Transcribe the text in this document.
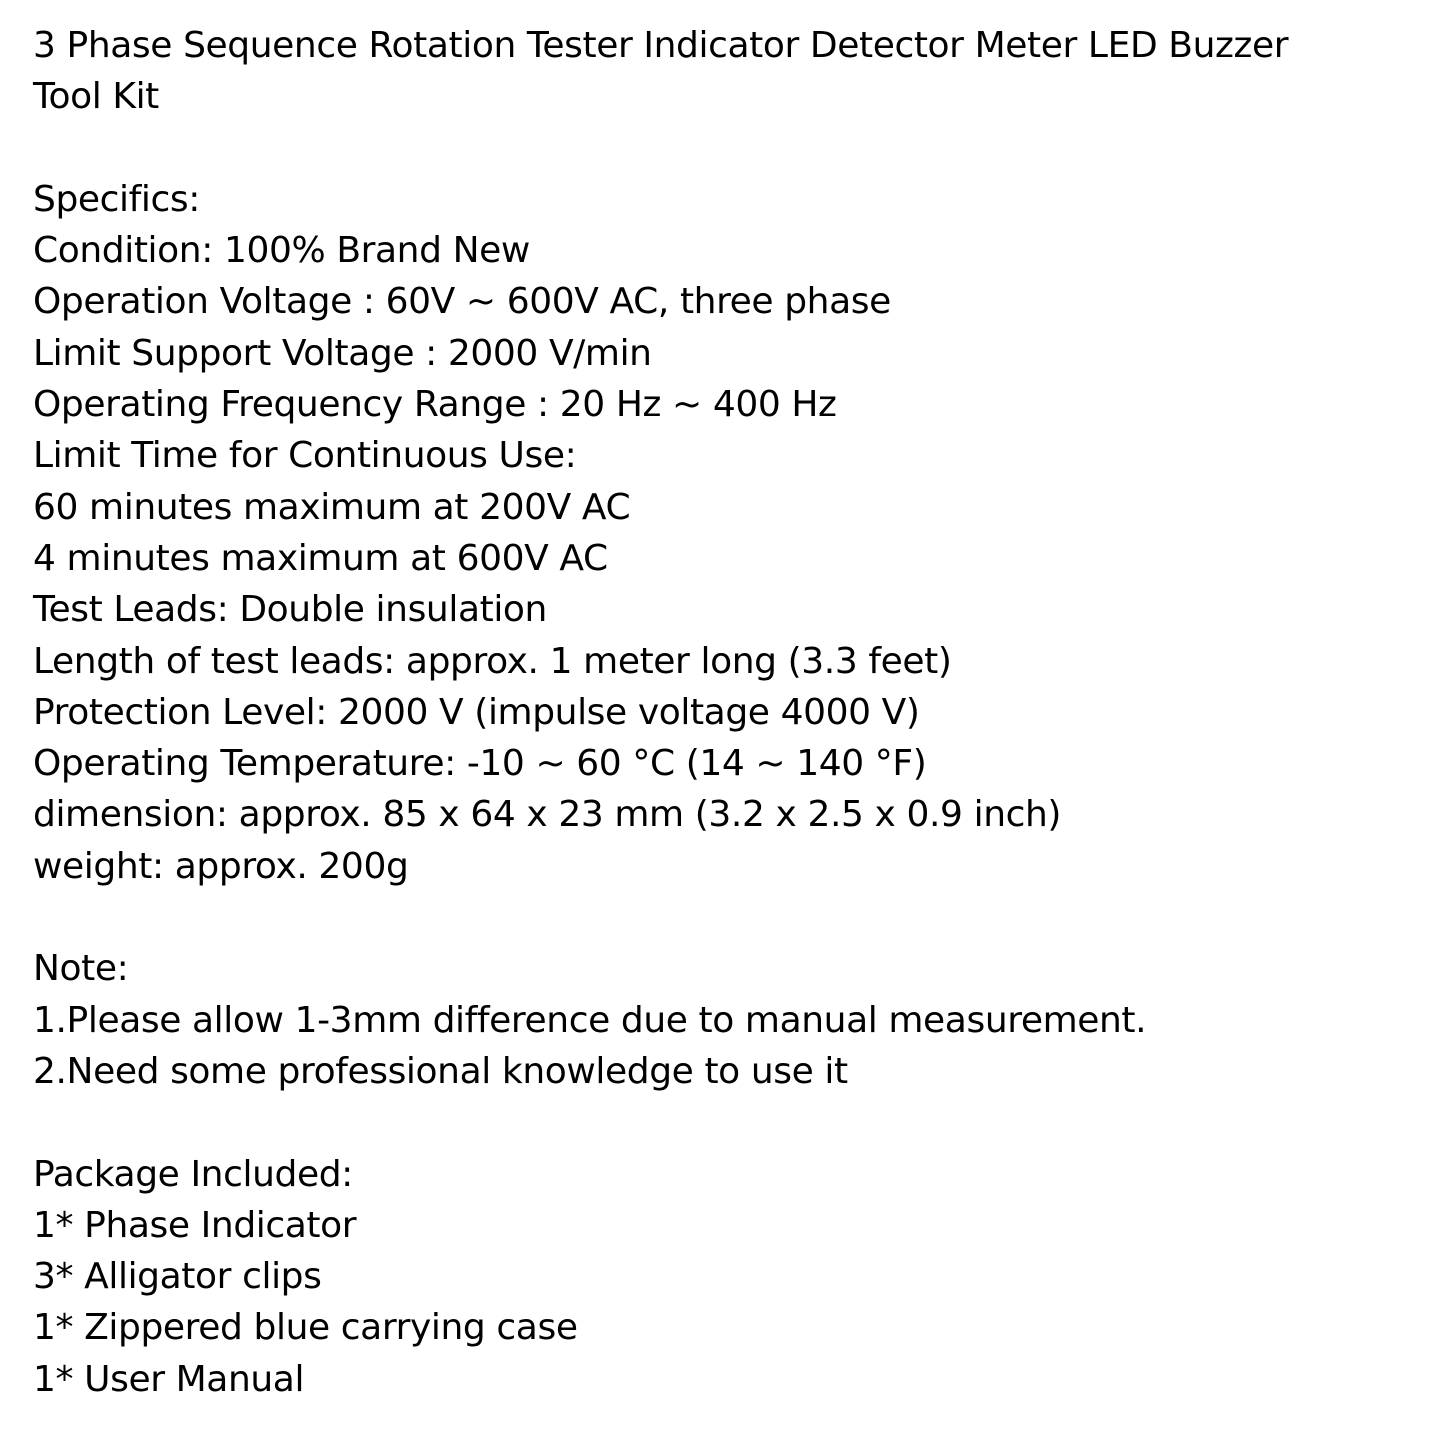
3 Phase Sequence Rotation Tester Indicator Detector Meter LED Buzzer Tool Kit

Specifics:

Condition: 100% Brand New

Operation Voltage : 60V ~ 600V AC, three phase

Limit Support Voltage : 2000 V/min

Operating Frequency Range : 20 Hz ~ 400 Hz

Limit Time for Continuous Use:

60 minutes maximum at 200V AC

4 minutes maximum at 600V AC

Test Leads: Double insulation

Length of test leads: approx. 1 meter long (3.3 feet)

Protection Level: 2000 V (impulse voltage 4000 V)

Operating Temperature: -10 ~ 60 °C (14 ~ 140 °F)

dimension: approx. 85 x 64 x 23 mm (3.2 x 2.5 x 0.9 inch)

weight: approx. 200g

Note:

1.Please allow 1-3mm difference due to manual measurement.

2.Need some professional knowledge to use it

Package Included:

1* Phase Indicator

3* Alligator clips

1* Zippered blue carrying case

1* User Manual
